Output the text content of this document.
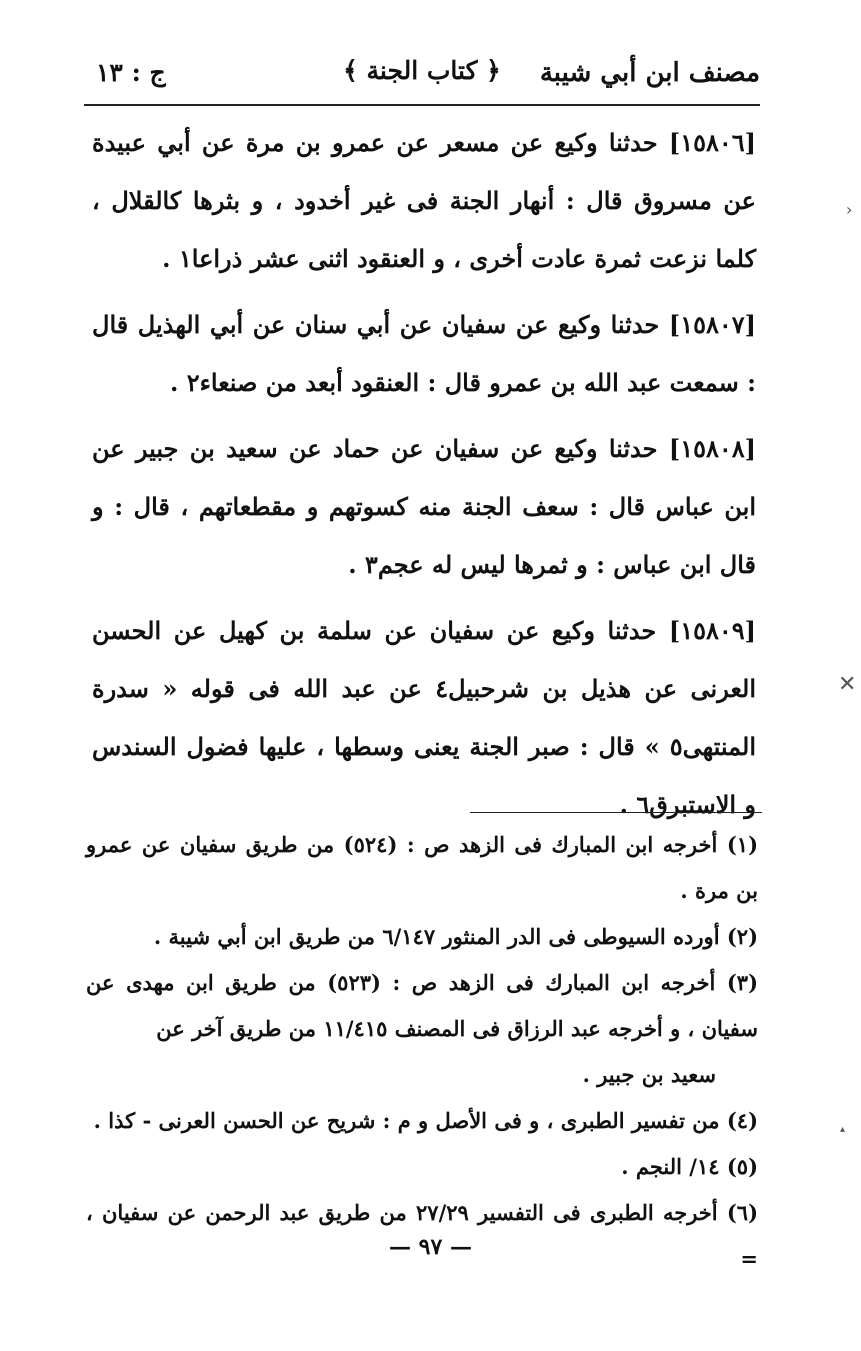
ج : ١٣	﴿ كتاب الجنة ﴾	مصنف ابن أبي شيبة

[١٥٨٠٦] حدثنا وكيع عن مسعر عن عمرو بن مرة عن أبي عبيدة عن مسروق قال : أنهار الجنة فى غير أخدود ، و بثرها كالقلال ، كلما نزعت ثمرة عادت أخرى ، و العنقود اثنى عشر ذراعا١ .

[١٥٨٠٧] حدثنا وكيع عن سفيان عن أبي سنان عن أبي الهذيل قال : سمعت عبد الله بن عمرو قال : العنقود أبعد من صنعاء٢ .

[١٥٨٠٨] حدثنا وكيع عن سفيان عن حماد عن سعيد بن جبير عن ابن عباس قال : سعف الجنة منه كسوتهم و مقطعاتهم ، قال : و قال ابن عباس : و ثمرها ليس له عجم٣ .

[١٥٨٠٩] حدثنا وكيع عن سفيان عن سلمة بن كهيل عن الحسن العرنى عن هذيل بن شرحبيل٤ عن عبد الله فى قوله « سدرة المنتهى٥ » قال : صبر الجنة يعنى وسطها ، عليها فضول السندس و الاستبرق٦ .

(١) أخرجه ابن المبارك فى الزهد ص : (٥٢٤) من طريق سفيان عن عمرو بن مرة .

(٢) أورده السيوطى فى الدر المنثور ٦/١٤٧ من طريق ابن أبي شيبة .

(٣) أخرجه ابن المبارك فى الزهد ص : (٥٢٣) من طريق ابن مهدى عن سفيان ، و أخرجه عبد الرزاق فى المصنف ١١/٤١٥ من طريق آخر عن

سعيد بن جبير .

(٤) من تفسير الطبرى ، و فى الأصل و م : شريح عن الحسن العرنى - كذا .

(٥) ١٤/ النجم .

(٦) أخرجه الطبرى فى التفسير ٢٧/٢٩ من طريق عبد الرحمن عن سفيان ، =

— ٩٧ —
›
✕
▴
